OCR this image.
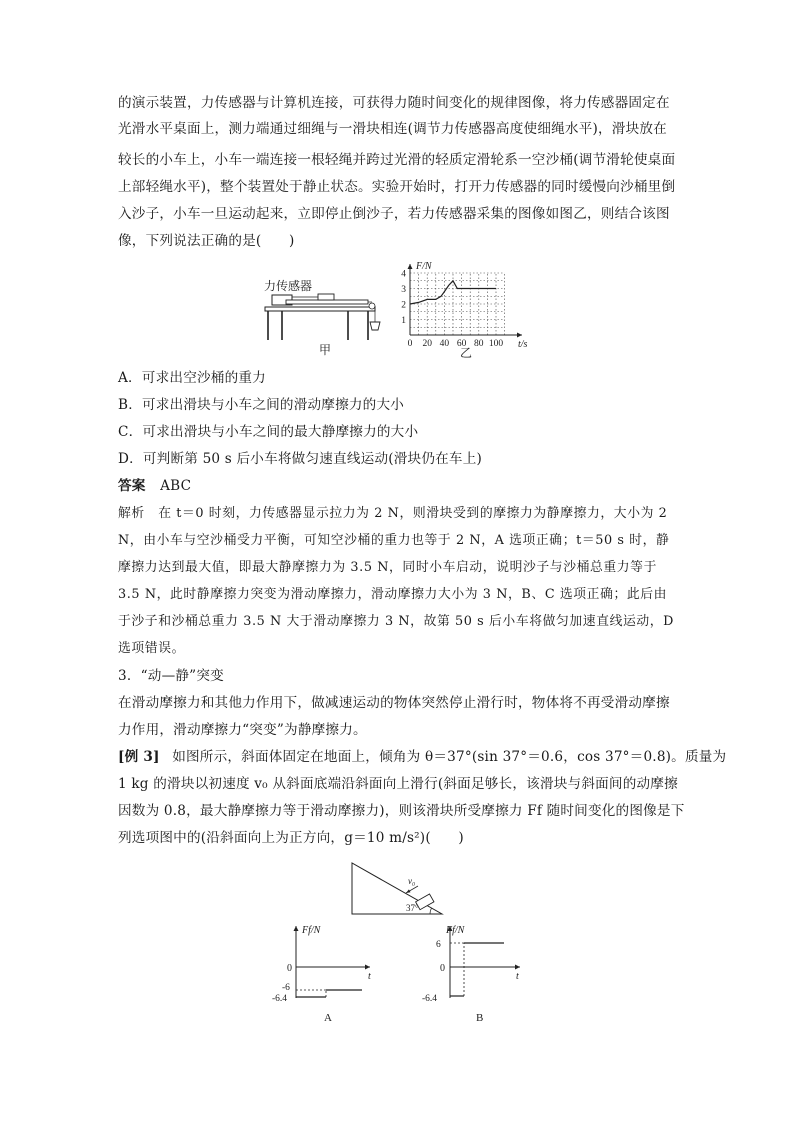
的演示装置，力传感器与计算机连接，可获得力随时间变化的规律图像，将力传感器固定在
光滑水平桌面上，测力端通过细绳与一滑块相连(调节力传感器高度使细绳水平)，滑块放在
较长的小车上，小车一端连接一根轻绳并跨过光滑的轻质定滑轮系一空沙桶(调节滑轮使桌面
上部轻绳水平)，整个装置处于静止状态。实验开始时，打开力传感器的同时缓慢向沙桶里倒
入沙子，小车一旦运动起来，立即停止倒沙子，若力传感器采集的图像如图乙，则结合该图
像，下列说法正确的是(　　)
力传感器
甲	0 20 40 60 80 100
1
2
3
4
F/N
t/s
乙
A．可求出空沙桶的重力
B．可求出滑块与小车之间的滑动摩擦力的大小
C．可求出滑块与小车之间的最大静摩擦力的大小
D．可判断第 50 s 后小车将做匀速直线运动(滑块仍在车上)
答案 ABC
解析　在 t＝0 时刻，力传感器显示拉力为 2 N，则滑块受到的摩擦力为静摩擦力，大小为 2
N，由小车与空沙桶受力平衡，可知空沙桶的重力也等于 2 N，A 选项正确；t＝50 s 时，静
摩擦力达到最大值，即最大静摩擦力为 3.5 N，同时小车启动，说明沙子与沙桶总重力等于
3.5 N，此时静摩擦力突变为滑动摩擦力，滑动摩擦力大小为 3 N，B、C 选项正确；此后由
于沙子和沙桶总重力 3.5 N 大于滑动摩擦力 3 N，故第 50 s 后小车将做匀加速直线运动，D
选项错误。
3．“动—静”突变
在滑动摩擦力和其他力作用下，做减速运动的物体突然停止滑行时，物体将不再受滑动摩擦
力作用，滑动摩擦力“突变”为静摩擦力。
[例 3] 如图所示，斜面体固定在地面上，倾角为 θ＝37°(sin 37°＝0.6，cos 37°＝0.8)。质量为
1 kg 的滑块以初速度 v₀ 从斜面底端沿斜面向上滑行(斜面足够长，该滑块与斜面间的动摩擦
因数为 0.8，最大静摩擦力等于滑动摩擦力)，则该滑块所受摩擦力 Ff 随时间变化的图像是下
列选项图中的(沿斜面向上为正方向，g＝10 m/s²)(　　)
v₀
37°
Ff/N
t
0
-6
-6.4
A
Ff/N
t
0
6
-6.4
B
